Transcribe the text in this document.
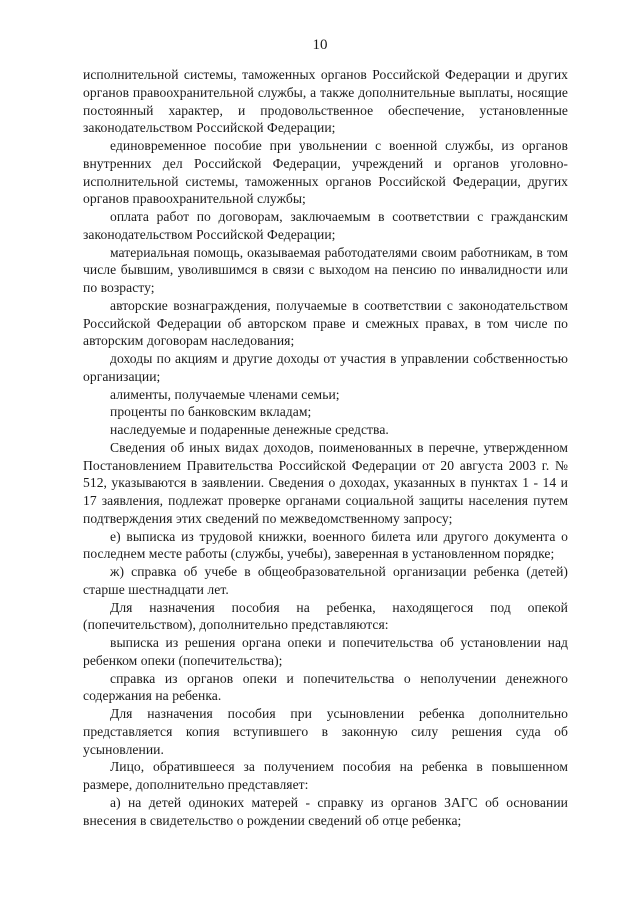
10

исполнительной системы, таможенных органов Российской Федерации и других органов правоохранительной службы, а также дополнительные выплаты, носящие постоянный характер, и продовольственное обеспечение, установленные законодательством Российской Федерации;

единовременное пособие при увольнении с военной службы, из органов внутренних дел Российской Федерации, учреждений и органов уголовно-исполнительной системы, таможенных органов Российской Федерации, других органов правоохранительной службы;

оплата работ по договорам, заключаемым в соответствии с гражданским законодательством Российской Федерации;

материальная помощь, оказываемая работодателями своим работникам, в том числе бывшим, уволившимся в связи с выходом на пенсию по инвалидности или по возрасту;

авторские вознаграждения, получаемые в соответствии с законодательством Российской Федерации об авторском праве и смежных правах, в том числе по авторским договорам наследования;

доходы по акциям и другие доходы от участия в управлении собственностью организации;

алименты, получаемые членами семьи;

проценты по банковским вкладам;

наследуемые и подаренные денежные средства.

Сведения об иных видах доходов, поименованных в перечне, утвержденном Постановлением Правительства Российской Федерации от 20 августа 2003 г. № 512, указываются в заявлении. Сведения о доходах, указанных в пунктах 1 - 14 и 17 заявления, подлежат проверке органами социальной защиты населения путем подтверждения этих сведений по межведомственному запросу;

е) выписка из трудовой книжки, военного билета или другого документа о последнем месте работы (службы, учебы), заверенная в установленном порядке;

ж) справка об учебе в общеобразовательной организации ребенка (детей) старше шестнадцати лет.

Для назначения пособия на ребенка, находящегося под опекой (попечительством), дополнительно представляются:

выписка из решения органа опеки и попечительства об установлении над ребенком опеки (попечительства);

справка из органов опеки и попечительства о неполучении денежного содержания на ребенка.

Для назначения пособия при усыновлении ребенка дополнительно представляется копия вступившего в законную силу решения суда об усыновлении.

Лицо, обратившееся за получением пособия на ребенка в повышенном размере, дополнительно представляет:

а) на детей одиноких матерей - справку из органов ЗАГС об основании внесения в свидетельство о рождении сведений об отце ребенка;
